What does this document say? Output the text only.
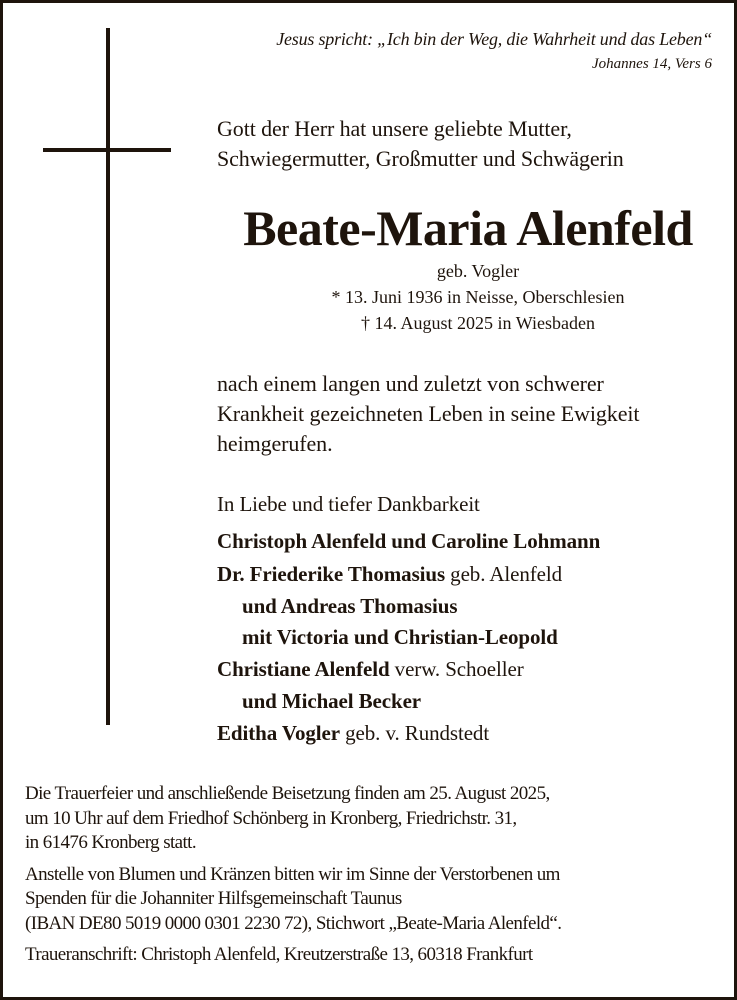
Jesus spricht: „Ich bin der Weg, die Wahrheit und das Leben“
Johannes 14, Vers 6
Gott der Herr hat unsere geliebte Mutter,
Schwiegermutter, Großmutter und Schwägerin
Beate-Maria Alenfeld
geb. Vogler
* 13. Juni 1936 in Neisse, Oberschlesien
† 14. August 2025 in Wiesbaden
nach einem langen und zuletzt von schwerer
Krankheit gezeichneten Leben in seine Ewigkeit
heimgerufen.
In Liebe und tiefer Dankbarkeit
Christoph Alenfeld und Caroline Lohmann
Dr. Friederike Thomasius geb. Alenfeld
und Andreas Thomasius
mit Victoria und Christian-Leopold
Christiane Alenfeld verw. Schoeller
und Michael Becker
Editha Vogler geb. v. Rundstedt
Die Trauerfeier und anschließende Beisetzung finden am 25. August 2025,
um 10 Uhr auf dem Friedhof Schönberg in Kronberg, Friedrichstr. 31,
in 61476 Kronberg statt.
Anstelle von Blumen und Kränzen bitten wir im Sinne der Verstorbenen um
Spenden für die Johanniter Hilfsgemeinschaft Taunus
(IBAN DE80 5019 0000 0301 2230 72), Stichwort „Beate-Maria Alenfeld“.
Traueranschrift: Christoph Alenfeld, Kreutzerstraße 13, 60318 Frankfurt
